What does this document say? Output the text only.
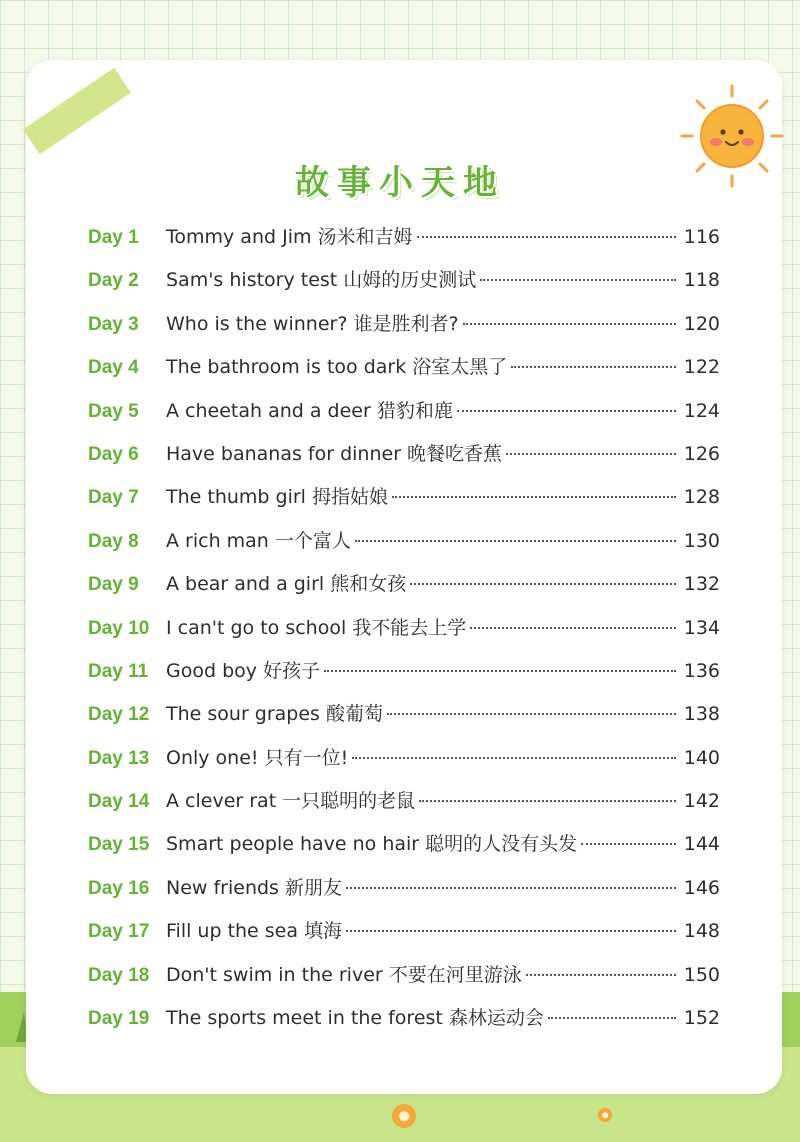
故事小天地
Day 1	Tommy and Jim 汤米和吉姆	116
Day 2	Sam's history test 山姆的历史测试	118
Day 3	Who is the winner? 谁是胜利者?	120
Day 4	The bathroom is too dark 浴室太黑了	122
Day 5	A cheetah and a deer 猎豹和鹿	124
Day 6	Have bananas for dinner 晚餐吃香蕉	126
Day 7	The thumb girl 拇指姑娘	128
Day 8	A rich man 一个富人	130
Day 9	A bear and a girl 熊和女孩	132
Day 10 I can't go to school 我不能去上学	134
Day 11 Good boy 好孩子	136
Day 12 The sour grapes 酸葡萄	138
Day 13 Only one! 只有一位!	140
Day 14 A clever rat 一只聪明的老鼠	142
Day 15 Smart people have no hair 聪明的人没有头发	144
Day 16 New friends 新朋友	146
Day 17 Fill up the sea 填海	148
Day 18 Don't swim in the river 不要在河里游泳	150
Day 19 The sports meet in the forest 森林运动会	152
